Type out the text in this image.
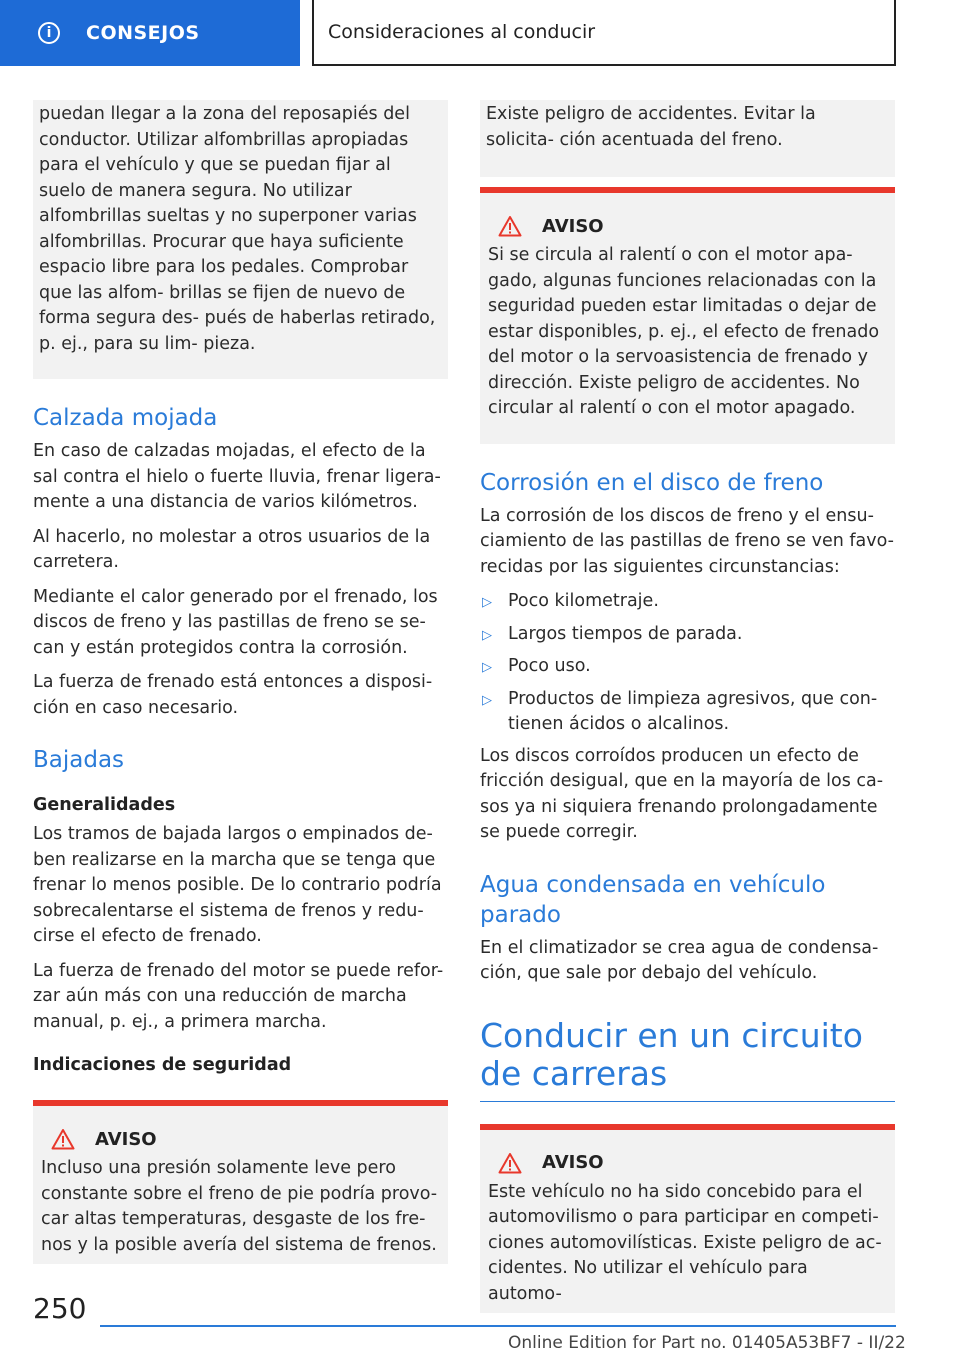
i	CONSEJOS	Consideraciones al conducir

puedan llegar a la zona del reposapiés del conductor. Utilizar alfombrillas apropiadas para el vehículo y que se puedan fijar al suelo de manera segura. No utilizar alfombrillas sueltas y no superponer varias alfombrillas. Procurar que haya suficiente espacio libre para los pedales. Comprobar que las alfom- brillas se fijen de nuevo de forma segura des- pués de haberlas retirado, p. ej., para su lim- pieza.

Calzada mojada

En caso de calzadas mojadas, el efecto de la sal contra el hielo o fuerte lluvia, frenar ligera- mente a una distancia de varios kilómetros.

Al hacerlo, no molestar a otros usuarios de la carretera.

Mediante el calor generado por el frenado, los discos de freno y las pastillas de freno se se- can y están protegidos contra la corrosión.

La fuerza de frenado está entonces a disposi- ción en caso necesario.

Bajadas
Generalidades

Los tramos de bajada largos o empinados de- ben realizarse en la marcha que se tenga que frenar lo menos posible. De lo contrario podría sobrecalentarse el sistema de frenos y redu- cirse el efecto de frenado.

La fuerza de frenado del motor se puede refor- zar aún más con una reducción de marcha manual, p. ej., a primera marcha.

Indicaciones de seguridad
AVISO

Incluso una presión solamente leve pero constante sobre el freno de pie podría provo- car altas temperaturas, desgaste de los fre- nos y la posible avería del sistema de frenos.

Existe peligro de accidentes. Evitar la solicita- ción acentuada del freno.

AVISO

Si se circula al ralentí o con el motor apa- gado, algunas funciones relacionadas con la seguridad pueden estar limitadas o dejar de estar disponibles, p. ej., el efecto de frenado del motor o la servoasistencia de frenado y dirección. Existe peligro de accidentes. No circular al ralentí o con el motor apagado.

Corrosión en el disco de freno

La corrosión de los discos de freno y el ensu- ciamiento de las pastillas de freno se ven favo- recidas por las siguientes circunstancias:

▷ Poco kilometraje.
▷ Largos tiempos de parada.
▷ Poco uso.
▷ Productos de limpieza agresivos, que con- tienen ácidos o alcalinos.

Los discos corroídos producen un efecto de fricción desigual, que en la mayoría de los ca- sos ya ni siquiera frenando prolongadamente se puede corregir.

Agua condensada en vehículo parado

En el climatizador se crea agua de condensa- ción, que sale por debajo del vehículo.

Conducir en un circuito de carreras
AVISO

Este vehículo no ha sido concebido para el automovilismo o para participar en competi- ciones automovilísticas. Existe peligro de ac- cidentes. No utilizar el vehículo para automo-

250
Online Edition for Part no. 01405A53BF7 - II/22
